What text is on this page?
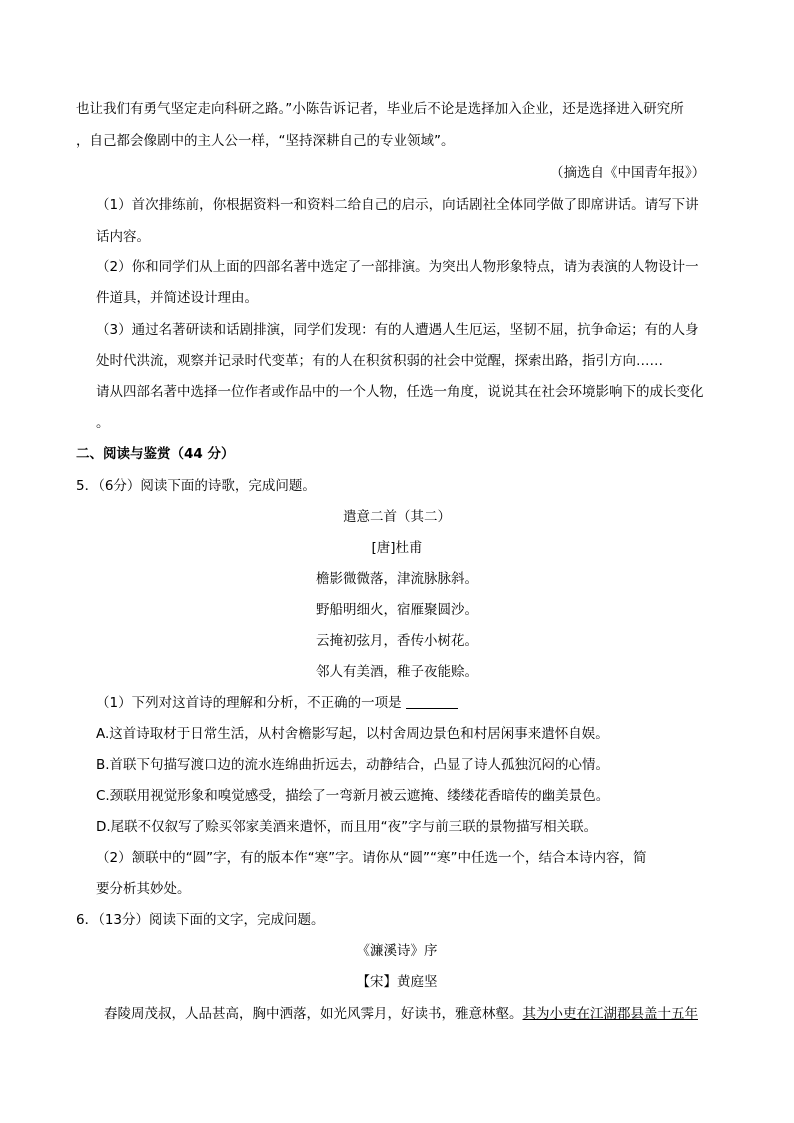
也让我们有勇气坚定走向科研之路。”小陈告诉记者，毕业后不论是选择加入企业，还是选择进入研究所
，自己都会像剧中的主人公一样，“坚持深耕自己的专业领域”。
（摘选自《中国青年报》）
（1）首次排练前，你根据资料一和资料二给自己的启示，向话剧社全体同学做了即席讲话。请写下讲
话内容。
（2）你和同学们从上面的四部名著中选定了一部排演。为突出人物形象特点，请为表演的人物设计一
件道具，并简述设计理由。
（3）通过名著研读和话剧排演，同学们发现：有的人遭遇人生厄运，坚韧不屈，抗争命运；有的人身
处时代洪流，观察并记录时代变革；有的人在积贫积弱的社会中觉醒，探索出路，指引方向……
请从四部名著中选择一位作者或作品中的一个人物，任选一角度，说说其在社会环境影响下的成长变化
。
二、阅读与鉴赏（44 分）
5．（6分）阅读下面的诗歌，完成问题。
遣意二首（其二）
[唐]杜甫
檐影微微落，津流脉脉斜。
野船明细火，宿雁聚圆沙。
云掩初弦月，香传小树花。
邻人有美酒，稚子夜能赊。
（1）下列对这首诗的理解和分析，不正确的一项是
A.这首诗取材于日常生活，从村舍檐影写起，以村舍周边景色和村居闲事来遣怀自娱。
B.首联下句描写渡口边的流水连绵曲折远去，动静结合，凸显了诗人孤独沉闷的心情。
C.颈联用视觉形象和嗅觉感受，描绘了一弯新月被云遮掩、缕缕花香暗传的幽美景色。
D.尾联不仅叙写了赊买邻家美酒来遣怀，而且用“夜”字与前三联的景物描写相关联。
（2）颔联中的“圆”字，有的版本作“寒”字。请你从“圆”“寒”中任选一个，结合本诗内容，简
要分析其妙处。
6．（13分）阅读下面的文字，完成问题。
《濂溪诗》序
【宋】黄庭坚
舂陵周茂叔，人品甚高，胸中洒落，如光风霁月，好读书，雅意林壑。其为小吏在江湖郡县盖十五年
